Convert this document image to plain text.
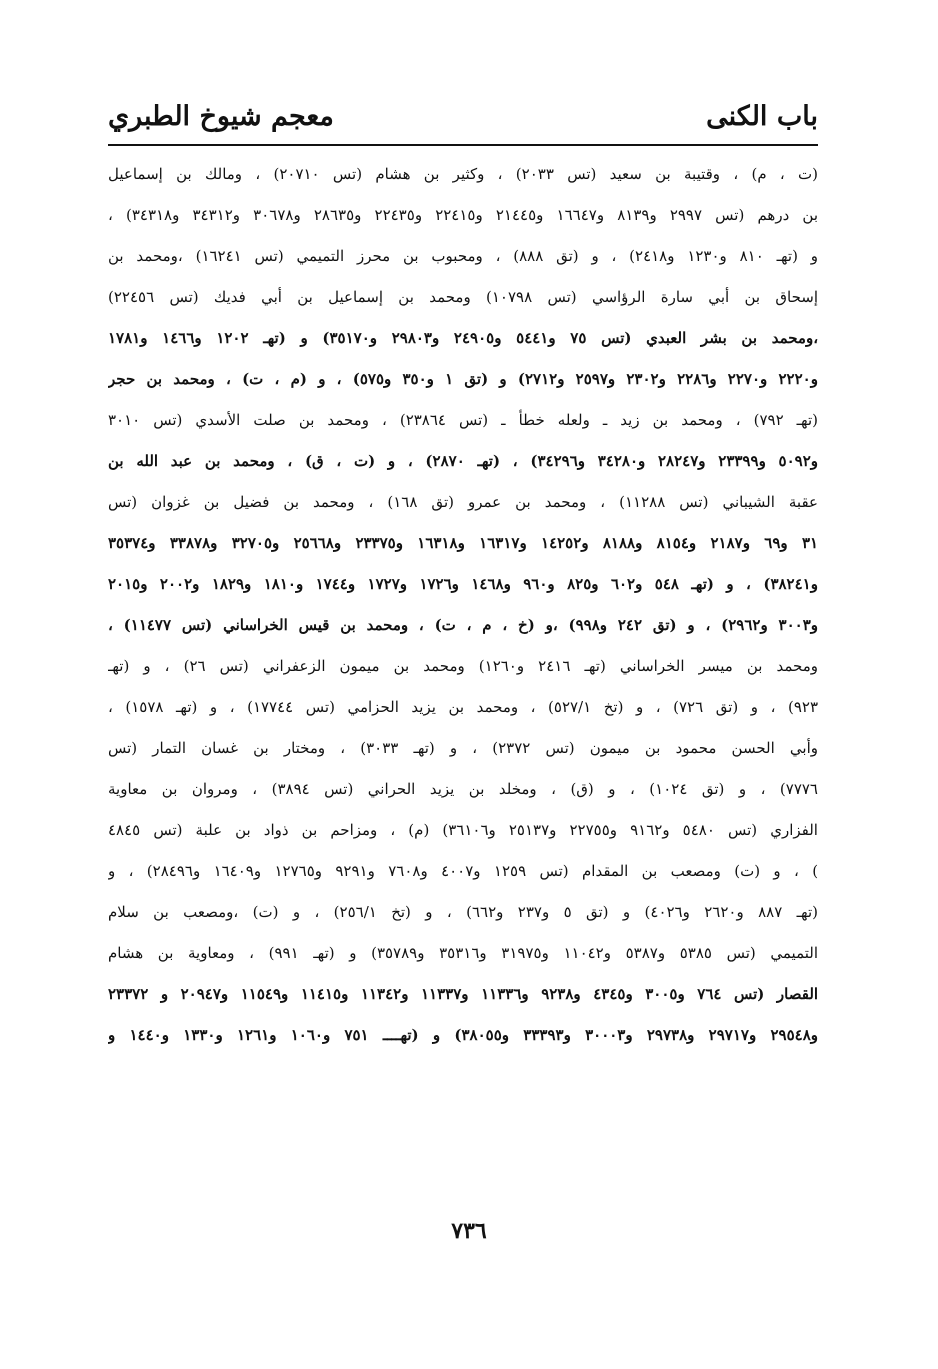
باب الكنى
معجم شيوخ الطبري
(ت ، م) ، وقتيبة بن سعيد (تس ٢٠٣٣) ، وكثير بن هشام (تس ٢٠٧١٠) ، ومالك بن إسماعيل
بن درهم (تس ٢٩٩٧ و٨١٣٩ و١٦٦٤٧ و٢١٤٤٥ و٢٢٤١٥ و٢٢٤٣٥ و٢٨٦٣٥ و٣٠٦٧٨ و٣٤٣١٢ و٣٤٣١٨) ،
و (تهـ ٨١٠ و١٢٣٠ و٢٤١٨) ، و (تق ٨٨٨) ، ومحبوب بن محرز التميمي (تس ١٦٢٤١) ،ومحمد بن
إسحاق بن أبي سارة الرؤاسي (تس ١٠٧٩٨) ومحمد بن إسماعيل بن أبي فديك (تس ٢٢٤٥٦)
،ومحمد بن بشر العبدي (تس ٧٥ و٥٤٤١ و٢٤٩٠٥ و٢٩٨٠٣ و٣٥١٧٠) و (تهـ ١٢٠٢ و١٤٦٦ و١٧٨١
و٢٢٢٠ و٢٢٧٠ و٢٢٨٦ و٢٣٠٢ و٢٥٩٧ و٢٧١٢) و (تق ١ و٣٥٠ و٥٧٥) ، و (م ، ت) ، ومحمد بن حجر
(تهـ ٧٩٢) ، ومحمد بن زيد ـ ولعله خطأ ـ (تس ٢٣٨٦٤) ، ومحمد بن صلت الأسدي (تس ٣٠١٠
و٥٠٩٢ و٢٣٣٩٩ و٢٨٢٤٧ و٣٤٢٨٠ و٣٤٢٩٦) ، (تهـ ٢٨٧٠) ، و (ت ، ق) ، ومحمد بن عبد الله بن
عقبة الشيباني (تس ١١٢٨٨) ، ومحمد بن عمرو (تق ١٦٨) ، ومحمد بن فضيل بن غزوان (تس
٣١ و٦٩ و٢١٨٧ و٨١٥٤ و٨١٨٨ و١٤٢٥٢ و١٦٣١٧ و١٦٣١٨ و٢٣٣٧٥ و٢٥٦٦٨ و٣٢٧٠٥ و٣٣٨٧٨ و٣٥٣٧٤
و٣٨٢٤١) ، و (تهـ ٥٤٨ و٦٠٢ و٨٢٥ و٩٦٠ و١٤٦٨ و١٧٢٦ و١٧٢٧ و١٧٤٤ و١٨١٠ و١٨٢٩ و٢٠٠٢ و٢٠١٥
و٣٠٠٣ و٢٩٦٢) ، و (تق ٢٤٢ و٩٩٨) ،و (خ ، م ، ت) ، ومحمد بن قيس الخراساني (تس ١١٤٧٧) ،
ومحمد بن ميسر الخراساني (تهـ ٢٤١٦ و١٢٦٠) ومحمد بن ميمون الزعفراني (تس ٢٦) ، و (تهـ
٩٢٣) ، و (تق ٧٢٦) ، و (تخ ٥٢٧/١) ، ومحمد بن يزيد الحزامي (تس ١٧٧٤٤) ، و (تهـ ١٥٧٨) ،
وأبي الحسن محمود بن ميمون (تس ٢٣٧٢) ، و (تهـ ٣٠٣٣) ، ومختار بن غسان التمار (تس
٧٧٧٦) ، و (تق ١٠٢٤) ، و (ق) ، ومخلد بن يزيد الحراني (تس ٣٨٩٤) ، ومروان بن معاوية
الفزاري (تس ٥٤٨٠ و٩١٦٢ و٢٢٧٥٥ و٢٥١٣٧ و٣٦١٠٦) (م) ، ومزاحم بن ذواد بن علبة (تس ٤٨٤٥
) ، و (ت) ومصعب بن المقدام (تس ١٢٥٩ و٤٠٠٧ و٧٦٠٨ و٩٢٩١ و١٢٧٦٥ و١٦٤٠٩ و٢٨٤٩٦) ، و
(تهـ ٨٨٧ و٢٦٢٠ و٤٠٢٦) و (تق ٥ و٢٣٧ و٦٦٢) ، و (تخ ٢٥٦/١) ، و (ت) ،ومصعب بن سلام
التميمي (تس ٥٣٨٥ و٥٣٨٧ و١١٠٤٢ و٣١٩٧٥ و٣٥٣١٦ و٣٥٧٨٩) و (تهـ ٩٩١) ، ومعاوية بن هشام
القصار (تس ٧٦٤ و٣٠٠٥ و٤٣٤٥ و٩٢٣٨ و١١٣٣٦ و١١٣٣٧ و١١٣٤٢ و١١٤١٥ و١١٥٤٩ و٢٠٩٤٧ و ٢٣٣٧٢
و٢٩٥٤٨ و٢٩٧١٧ و٢٩٧٣٨ و٣٠٠٠٣ و٣٣٣٩٣ و٣٨٠٥٥) و (تهــــ ٧٥١ و١٠٦٠ و١٢٦١ و١٣٣٠ و١٤٤٠ و
٧٣٦
